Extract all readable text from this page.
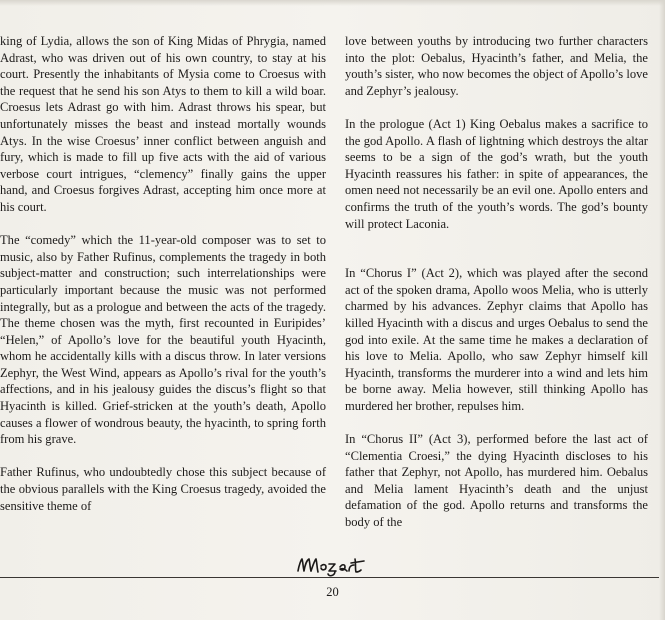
king of Lydia, allows the son of King Midas of Phrygia, named Adrast, who was driven out of his own country, to stay at his court. Presently the inhabitants of Mysia come to Croesus with the request that he send his son Atys to them to kill a wild boar. Croesus lets Adrast go with him. Adrast throws his spear, but unfortunately misses the beast and instead mortally wounds Atys. In the wise Croesus’ inner conflict between anguish and fury, which is made to fill up five acts with the aid of various verbose court intrigues, “clemency” finally gains the upper hand, and Croesus forgives Adrast, accepting him once more at his court.

The “comedy” which the 11-year-old composer was to set to music, also by Father Rufinus, complements the tragedy in both subject-matter and construction; such interrelationships were particularly important because the music was not performed integrally, but as a prologue and between the acts of the tragedy. The theme chosen was the myth, first recounted in Euripides’ “Helen,” of Apollo’s love for the beautiful youth Hyacinth, whom he accidentally kills with a discus throw. In later versions Zephyr, the West Wind, appears as Apollo’s rival for the youth’s affections, and in his jealousy guides the discus’s flight so that Hyacinth is killed. Grief-stricken at the youth’s death, Apollo causes a flower of wondrous beauty, the hyacinth, to spring forth from his grave.

Father Rufinus, who undoubtedly chose this subject because of the obvious parallels with the King Croesus tragedy, avoided the sensitive theme of

love between youths by introducing two further characters into the plot: Oebalus, Hyacinth’s father, and Melia, the youth’s sister, who now becomes the object of Apollo’s love and Zephyr’s jealousy.

In the prologue (Act 1) King Oebalus makes a sacrifice to the god Apollo. A flash of lightning which destroys the altar seems to be a sign of the god’s wrath, but the youth Hyacinth reassures his father: in spite of appearances, the omen need not necessarily be an evil one. Apollo enters and confirms the truth of the youth’s words. The god’s bounty will protect Laconia.

In “Chorus I” (Act 2), which was played after the second act of the spoken drama, Apollo woos Melia, who is utterly charmed by his advances. Zephyr claims that Apollo has killed Hyacinth with a discus and urges Oebalus to send the god into exile. At the same time he makes a declaration of his love to Melia. Apollo, who saw Zephyr himself kill Hyacinth, transforms the murderer into a wind and lets him be borne away. Melia however, still thinking Apollo has murdered her brother, repulses him.

In “Chorus II” (Act 3), performed before the last act of “Clementia Croesi,” the dying Hyacinth discloses to his father that Zephyr, not Apollo, has murdered him. Oebalus and Melia lament Hyacinth’s death and the unjust defamation of the god. Apollo returns and transforms the body of the

20
